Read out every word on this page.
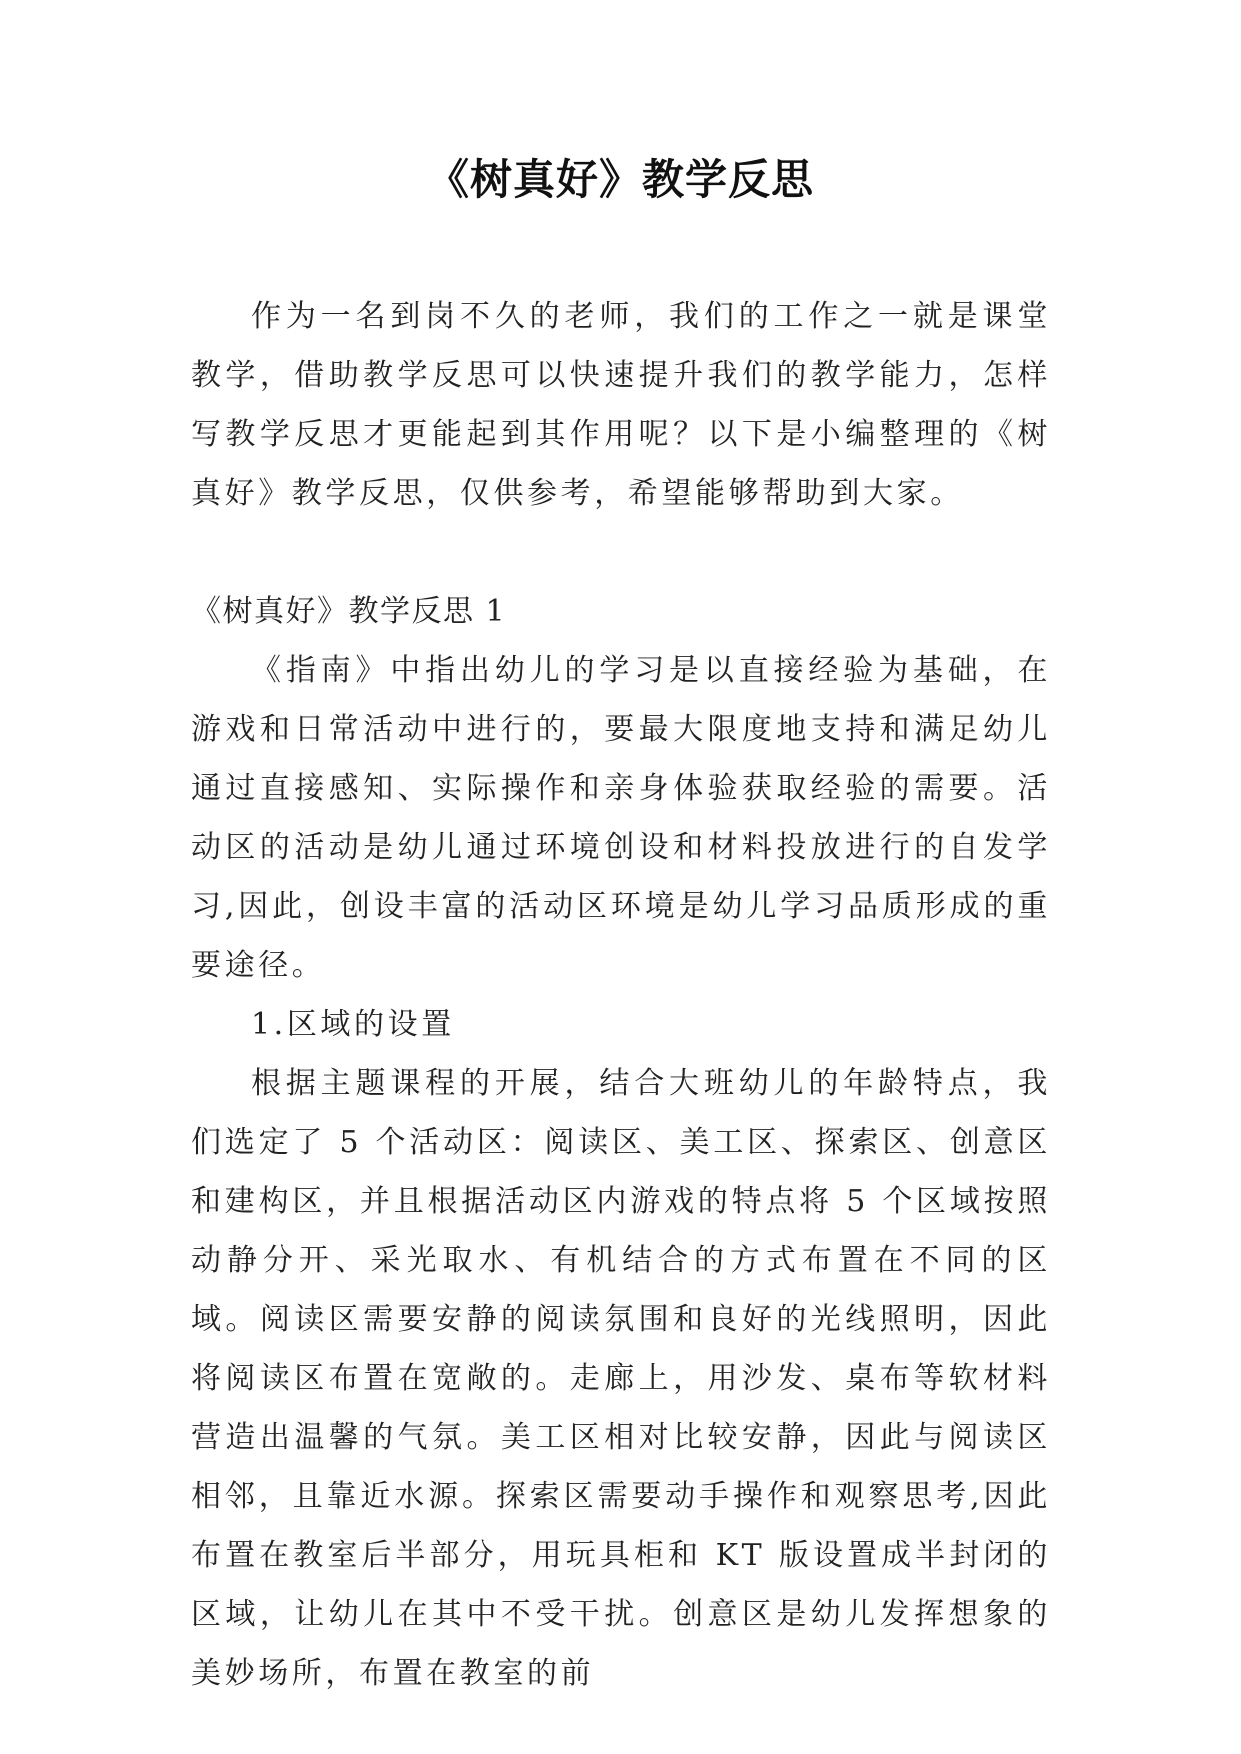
《树真好》教学反思

作为一名到岗不久的老师，我们的工作之一就是课堂教学，借助教学反思可以快速提升我们的教学能力，怎样写教学反思才更能起到其作用呢？以下是小编整理的《树真好》教学反思，仅供参考，希望能够帮助到大家。

《树真好》教学反思 1

《指南》中指出幼儿的学习是以直接经验为基础，在游戏和日常活动中进行的，要最大限度地支持和满足幼儿通过直接感知、实际操作和亲身体验获取经验的需要。活动区的活动是幼儿通过环境创设和材料投放进行的自发学习,因此，创设丰富的活动区环境是幼儿学习品质形成的重要途径。

1.区域的设置

根据主题课程的开展，结合大班幼儿的年龄特点，我们选定了 5 个活动区：阅读区、美工区、探索区、创意区和建构区，并且根据活动区内游戏的特点将 5 个区域按照动静分开、采光取水、有机结合的方式布置在不同的区域。阅读区需要安静的阅读氛围和良好的光线照明，因此将阅读区布置在宽敞的。走廊上，用沙发、桌布等软材料营造出温馨的气氛。美工区相对比较安静，因此与阅读区相邻，且靠近水源。探索区需要动手操作和观察思考,因此布置在教室后半部分，用玩具柜和 KT 版设置成半封闭的区域，让幼儿在其中不受干扰。创意区是幼儿发挥想象的美妙场所，布置在教室的前
